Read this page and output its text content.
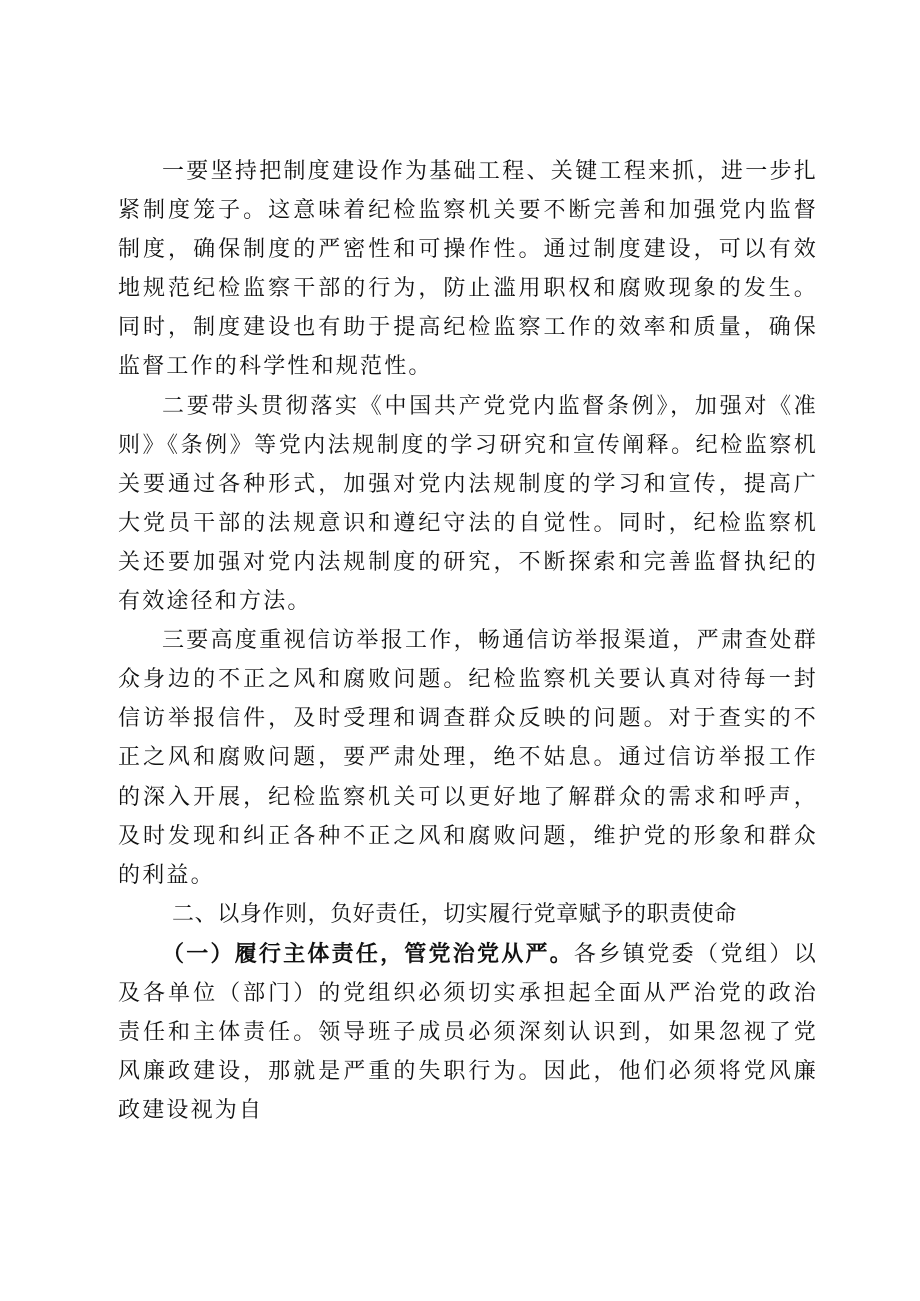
一要坚持把制度建设作为基础工程、关键工程来抓，进一步扎紧制度笼子。这意味着纪检监察机关要不断完善和加强党内监督制度，确保制度的严密性和可操作性。通过制度建设，可以有效地规范纪检监察干部的行为，防止滥用职权和腐败现象的发生。同时，制度建设也有助于提高纪检监察工作的效率和质量，确保监督工作的科学性和规范性。

二要带头贯彻落实《中国共产党党内监督条例》，加强对《准则》《条例》等党内法规制度的学习研究和宣传阐释。纪检监察机关要通过各种形式，加强对党内法规制度的学习和宣传，提高广大党员干部的法规意识和遵纪守法的自觉性。同时，纪检监察机关还要加强对党内法规制度的研究，不断探索和完善监督执纪的有效途径和方法。

三要高度重视信访举报工作，畅通信访举报渠道，严肃查处群众身边的不正之风和腐败问题。纪检监察机关要认真对待每一封信访举报信件，及时受理和调查群众反映的问题。对于查实的不正之风和腐败问题，要严肃处理，绝不姑息。通过信访举报工作的深入开展，纪检监察机关可以更好地了解群众的需求和呼声，及时发现和纠正各种不正之风和腐败问题，维护党的形象和群众的利益。

二、以身作则，负好责任，切实履行党章赋予的职责使命

（一）履行主体责任，管党治党从严。各乡镇党委（党组）以及各单位（部门）的党组织必须切实承担起全面从严治党的政治责任和主体责任。领导班子成员必须深刻认识到，如果忽视了党风廉政建设，那就是严重的失职行为。因此，他们必须将党风廉政建设视为自
